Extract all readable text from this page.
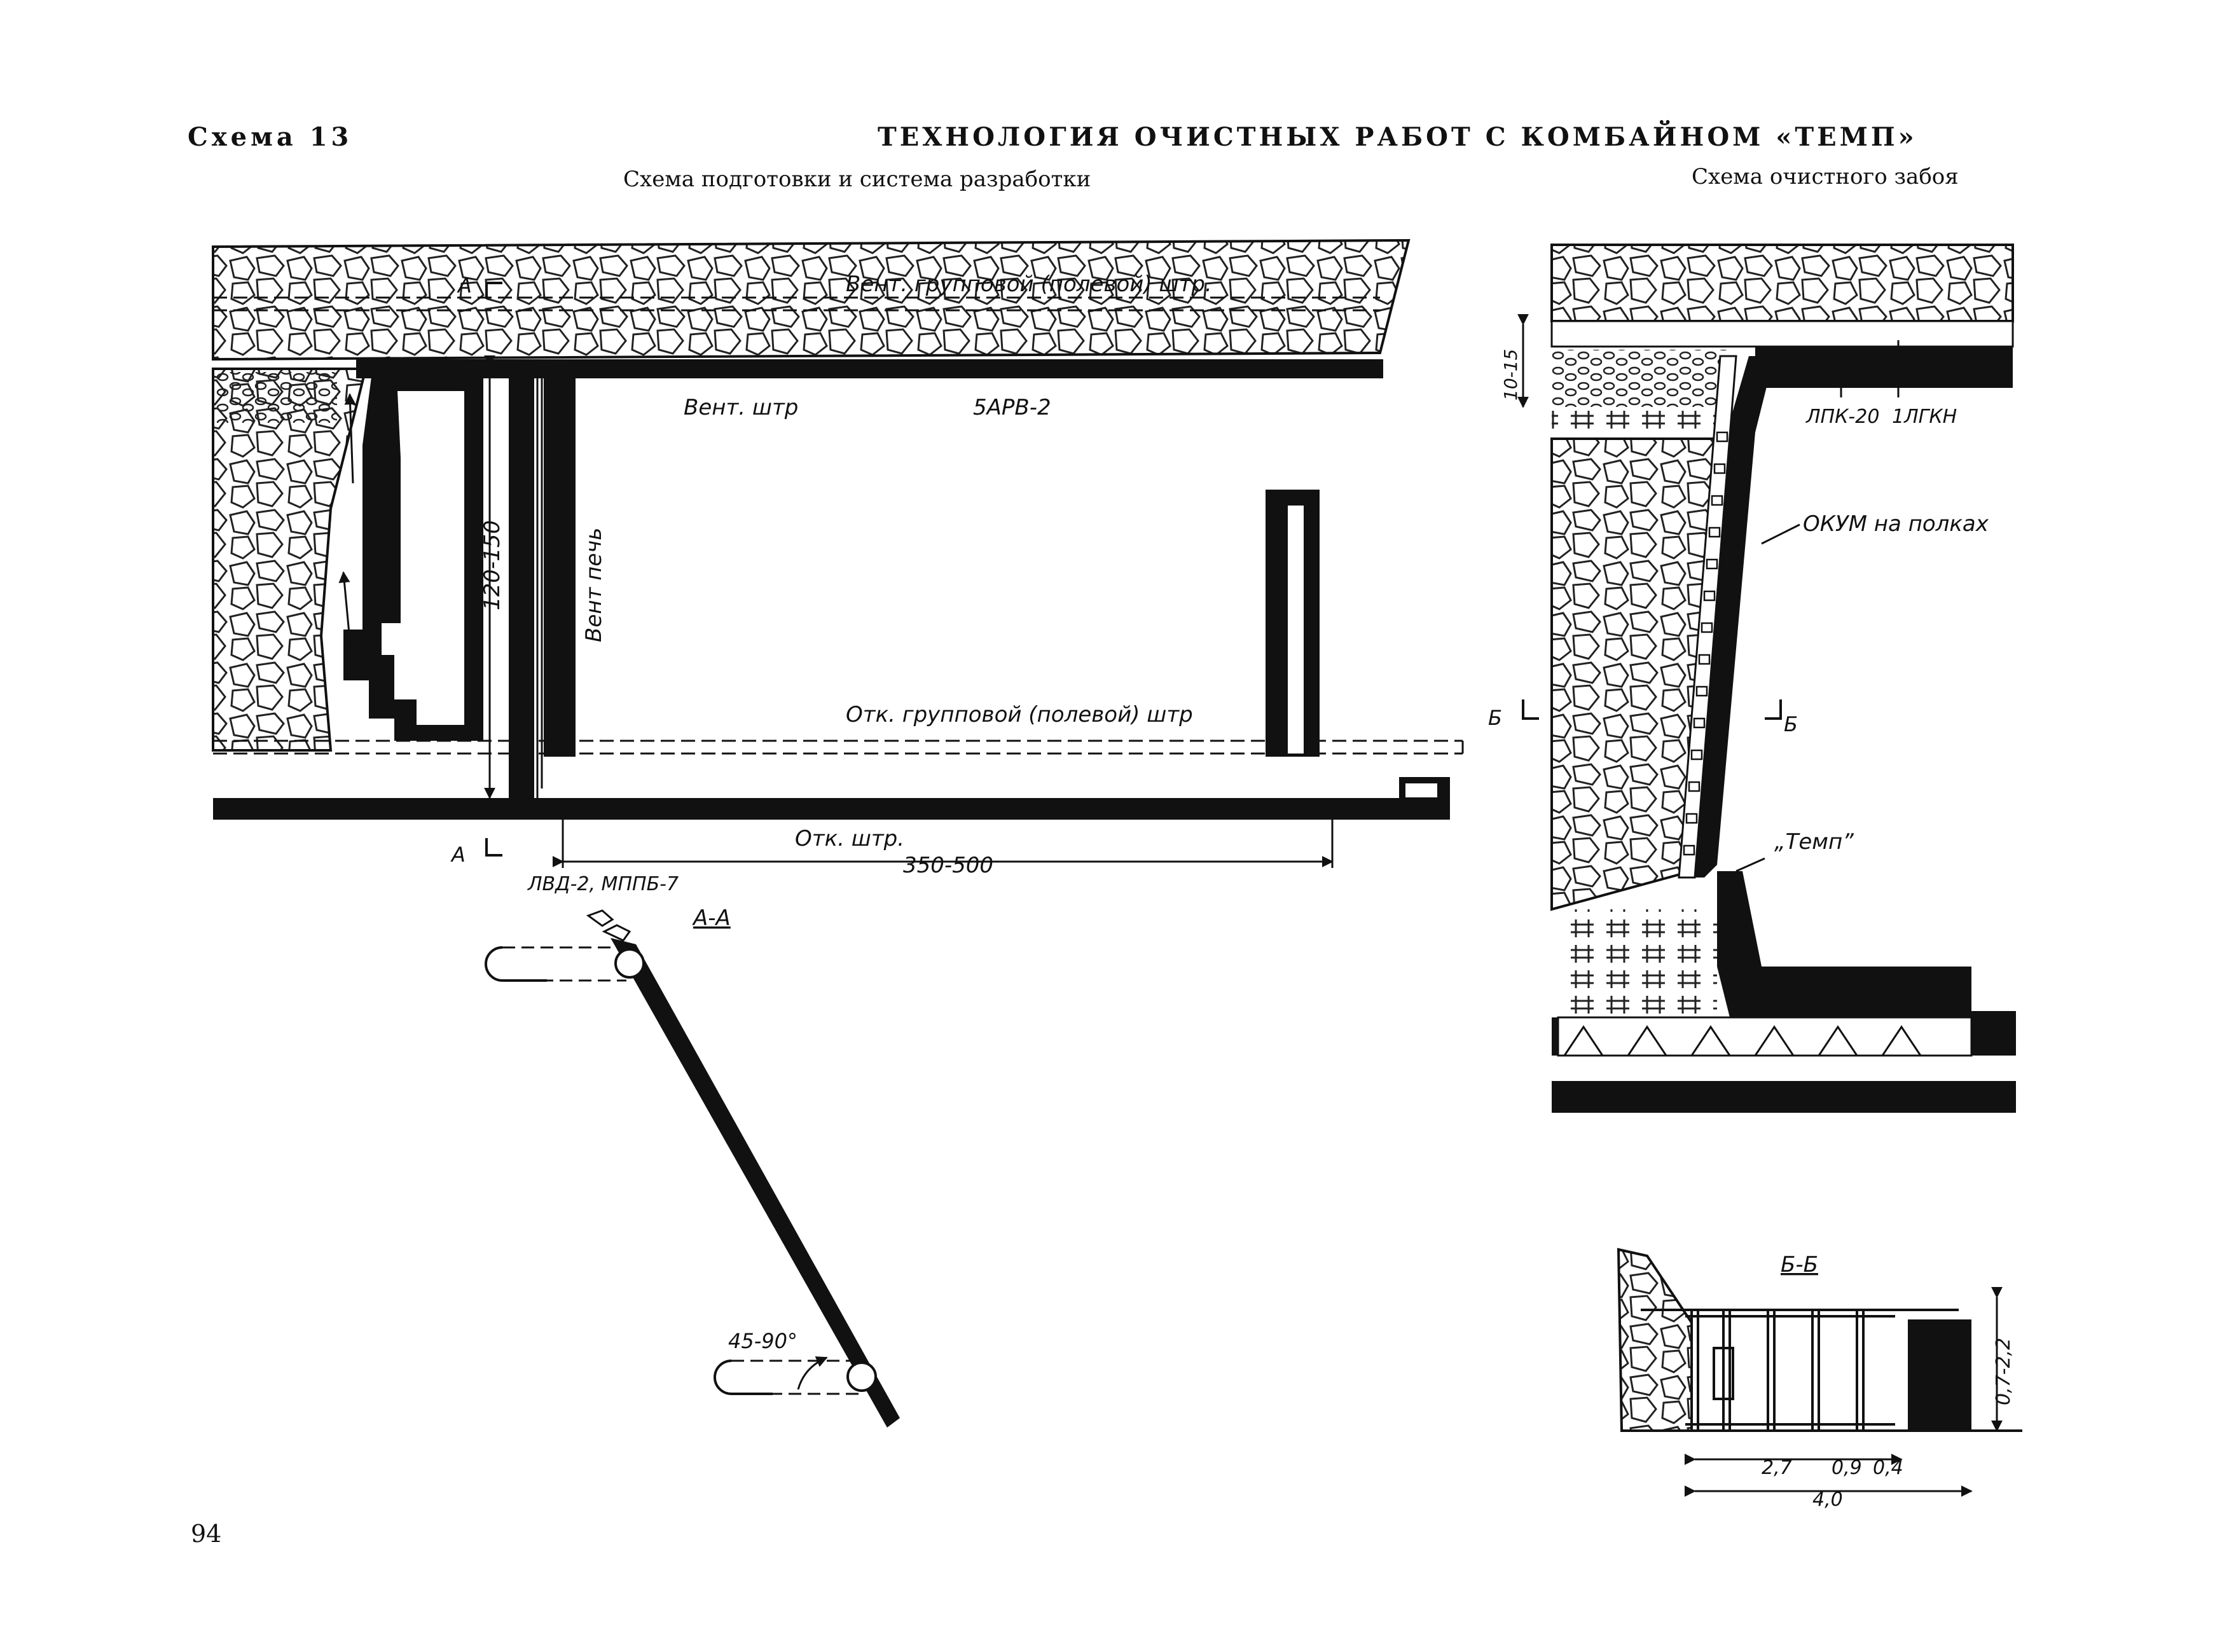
Схема 13	ТЕХНОЛОГИЯ ОЧИСТНЫХ РАБОТ С КОМБАЙНОМ «ТЕМП»
Схема подготовки и система разработки	Схема очистного забоя
94
Вент. групповой (полевой) штр.
Вент. штр	5АРВ-2
Вент печь
120-150
Отк. групповой (полевой) штр
Отк. штр.
350-500
ЛВД-2, МППБ-7
А
А
А-А
45-90°
10-15
ЛПК-20 1ЛГКН
ОКУМ на полках
„Темп”
Б	Б
Б-Б
2,7 0,9 0,4
4,0
0,7-2,2
